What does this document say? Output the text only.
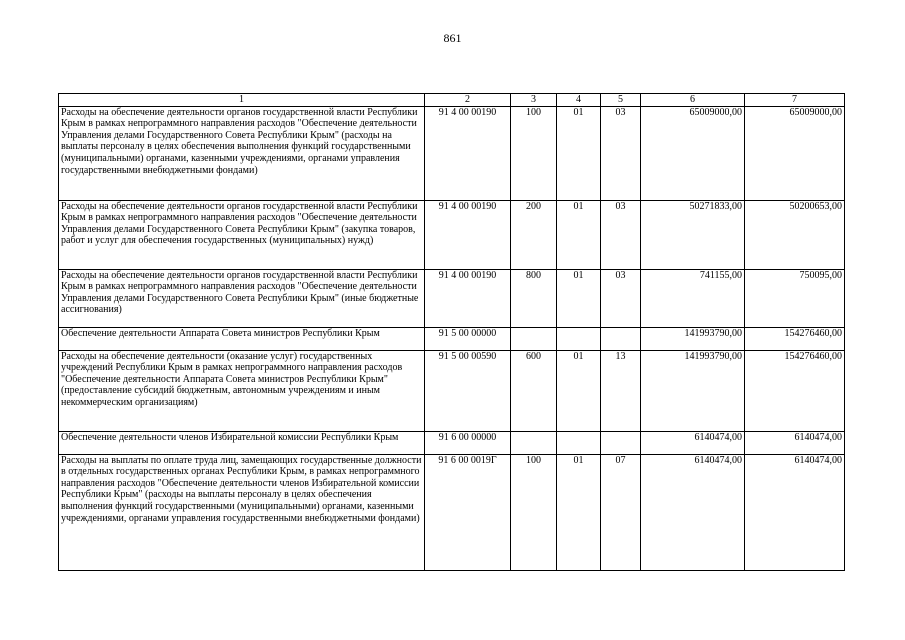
861
1	2	3	4	5	6	7
Расходы на обеспечение деятельности органов государственной власти Республики Крым в рамках непрограммного направления расходов "Обеспечение деятельности Управления делами Государственного Совета Республики Крым" (расходы на выплаты персоналу в целях обеспечения выполнения функций государственными (муниципальными) органами, казенными учреждениями, органами управления государственными внебюджетными фондами)	91 4 00 00190	100	01	03	65009000,00	65009000,00
Расходы на обеспечение деятельности органов государственной власти Республики Крым в рамках непрограммного направления расходов "Обеспечение деятельности Управления делами Государственного Совета Республики Крым" (закупка товаров, работ и услуг для обеспечения государственных (муниципальных) нужд)	91 4 00 00190	200	01	03	50271833,00	50200653,00
Расходы на обеспечение деятельности органов государственной власти Республики Крым в рамках непрограммного направления расходов "Обеспечение деятельности Управления делами Государственного Совета Республики Крым" (иные бюджетные ассигнования)	91 4 00 00190	800	01	03	741155,00	750095,00
Обеспечение деятельности Аппарата Совета министров Республики Крым	91 5 00 00000				141993790,00	154276460,00
Расходы на обеспечение деятельности (оказание услуг) государственных учреждений Республики Крым в рамках непрограммного направления расходов "Обеспечение деятельности Аппарата Совета министров Республики Крым" (предоставление субсидий бюджетным, автономным учреждениям и иным некоммерческим организациям)	91 5 00 00590	600	01	13	141993790,00	154276460,00
Обеспечение деятельности членов Избирательной комиссии Республики Крым	91 6 00 00000				6140474,00	6140474,00
Расходы на выплаты по оплате труда лиц, замещающих государственные должности в отдельных государственных органах Республики Крым, в рамках непрограммного направления расходов "Обеспечение деятельности членов Избирательной комиссии Республики Крым" (расходы на выплаты персоналу в целях обеспечения выполнения функций государственными (муниципальными) органами, казенными учреждениями, органами управления государственными внебюджетными фондами)	91 6 00 0019Г	100	01	07	6140474,00	6140474,00
